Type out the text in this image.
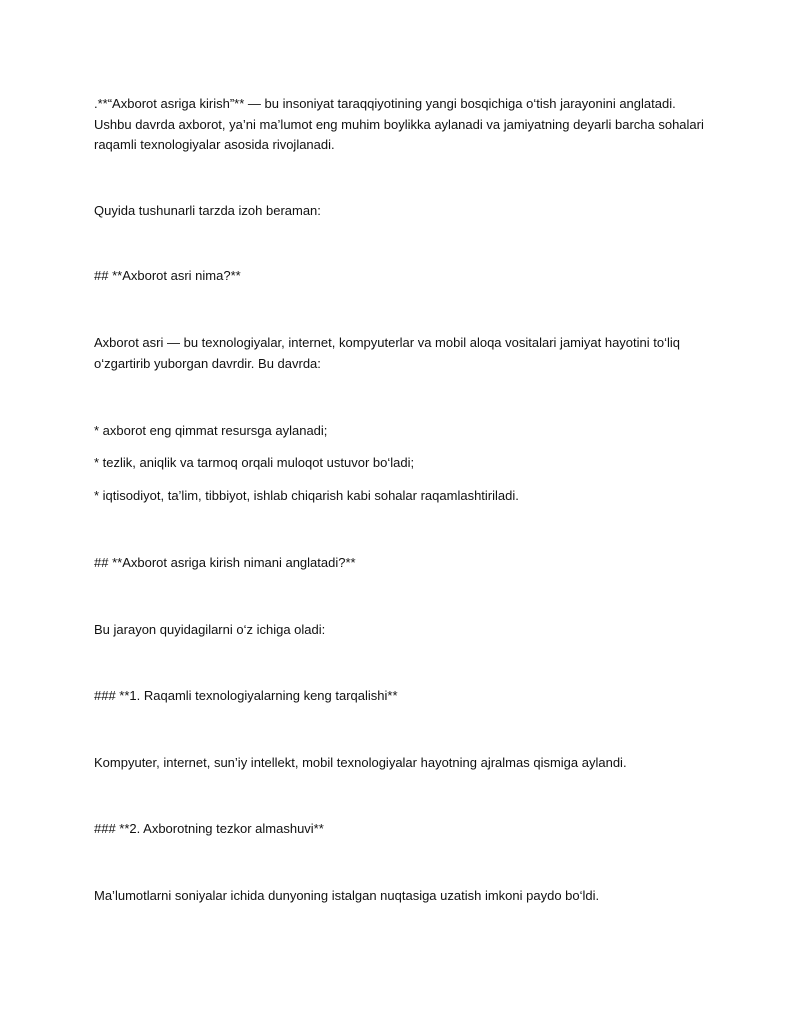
.**“Axborot asriga kirish”** — bu insoniyat taraqqiyotining yangi bosqichiga o‘tish jarayonini anglatadi. Ushbu davrda axborot, ya’ni ma’lumot eng muhim boylikka aylanadi va jamiyatning deyarli barcha sohalari raqamli texnologiyalar asosida rivojlanadi.

Quyida tushunarli tarzda izoh beraman:

## **Axborot asri nima?**

Axborot asri — bu texnologiyalar, internet, kompyuterlar va mobil aloqa vositalari jamiyat hayotini to‘liq o‘zgartirib yuborgan davrdir. Bu davrda:

* axborot eng qimmat resursga aylanadi;

* tezlik, aniqlik va tarmoq orqali muloqot ustuvor bo‘ladi;

* iqtisodiyot, ta’lim, tibbiyot, ishlab chiqarish kabi sohalar raqamlashtiriladi.

## **Axborot asriga kirish nimani anglatadi?**

Bu jarayon quyidagilarni o‘z ichiga oladi:

### **1. Raqamli texnologiyalarning keng tarqalishi**

Kompyuter, internet, sun’iy intellekt, mobil texnologiyalar hayotning ajralmas qismiga aylandi.

### **2. Axborotning tezkor almashuvi**

Ma’lumotlarni soniyalar ichida dunyoning istalgan nuqtasiga uzatish imkoni paydo bo‘ldi.
